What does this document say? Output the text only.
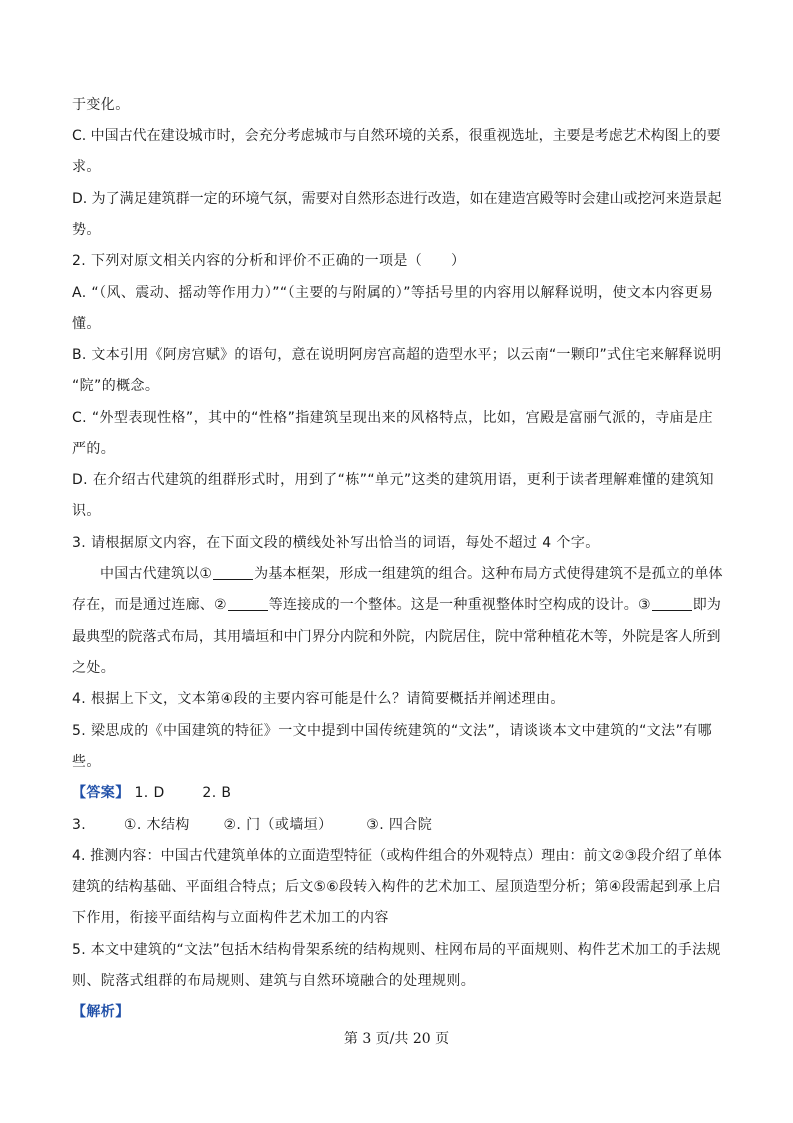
于变化。
C. 中国古代在建设城市时，会充分考虑城市与自然环境的关系，很重视选址，主要是考虑艺术构图上的要
求。
D. 为了满足建筑群一定的环境气氛，需要对自然形态进行改造，如在建造宫殿等时会建山或挖河来造景起
势。
2. 下列对原文相关内容的分析和评价不正确的一项是（　　）
A. “（风、震动、摇动等作用力）”“（主要的与附属的）”等括号里的内容用以解释说明，使文本内容更易
懂。
B. 文本引用《阿房宫赋》的语句，意在说明阿房宫高超的造型水平；以云南“一颗印”式住宅来解释说明
“院”的概念。
C. “外型表现性格”，其中的“性格”指建筑呈现出来的风格特点，比如，宫殿是富丽气派的，寺庙是庄
严的。
D. 在介绍古代建筑的组群形式时，用到了“栋”“单元”这类的建筑用语，更利于读者理解难懂的建筑知
识。
3. 请根据原文内容，在下面文段的横线处补写出恰当的词语，每处不超过 4 个字。
中国古代建筑以①	为基本框架，形成一组建筑的组合。这种布局方式使得建筑不是孤立的单体
存在，而是通过连廊、②	等连接成的一个整体。这是一种重视整体时空构成的设计。③	即为
最典型的院落式布局，其用墙垣和中门界分内院和外院，内院居住，院中常种植花木等，外院是客人所到
之处。
4. 根据上下文，文本第④段的主要内容可能是什么？请简要概括并阐述理由。
5. 梁思成的《中国建筑的特征》一文中提到中国传统建筑的“文法”，请谈谈本文中建筑的“文法”有哪
些。
【答案】 1. D	2. B
3.	①. 木结构 ②. 门（或墙垣） ③. 四合院
4. 推测内容：中国古代建筑单体的立面造型特征（或构件组合的外观特点）理由：前文②③段介绍了单体
建筑的结构基础、平面组合特点；后文⑤⑥段转入构件的艺术加工、屋顶造型分析；第④段需起到承上启
下作用，衔接平面结构与立面构件艺术加工的内容
5. 本文中建筑的“文法”包括木结构骨架系统的结构规则、柱网布局的平面规则、构件艺术加工的手法规
则、院落式组群的布局规则、建筑与自然环境融合的处理规则。
【解析】
第 3 页/共 20 页
